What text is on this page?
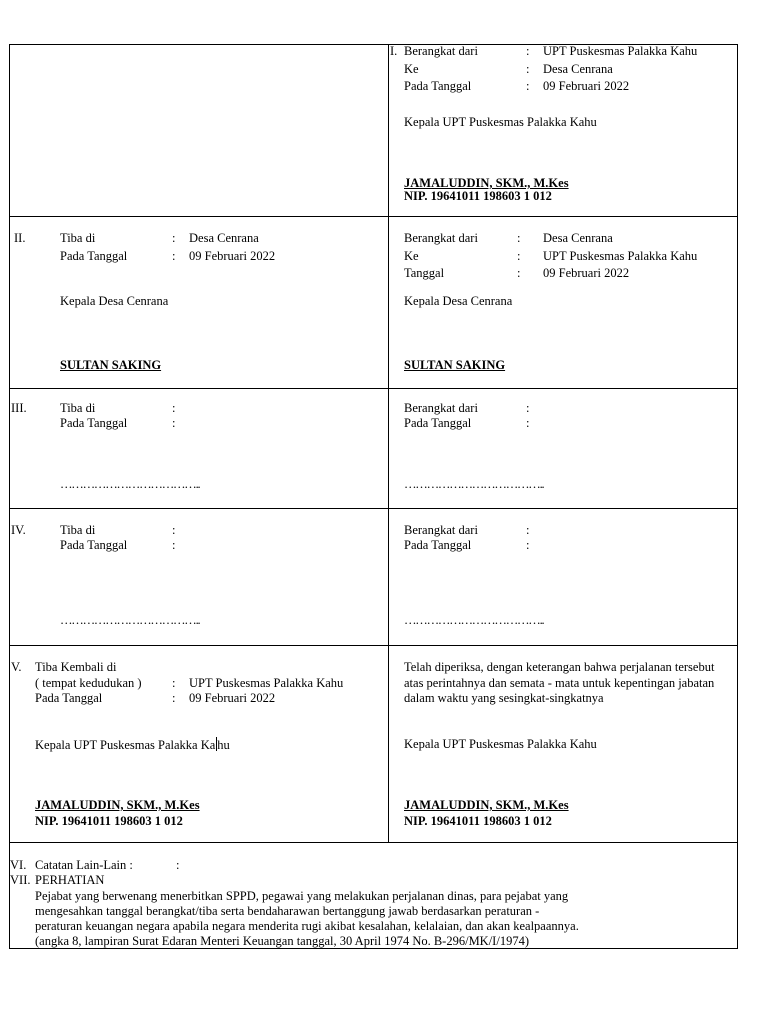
I. Berangkat dari	: UPT Puskesmas Palakka Kahu
Ke	: Desa Cenrana
Pada Tanggal	: 09 Februari 2022
Kepala UPT Puskesmas Palakka Kahu
JAMALUDDIN, SKM., M.Kes
NIP. 19641011 198603 1 012
II.	Tiba di	: Desa Cenrana
Pada Tanggal	: 09 Februari 2022
Kepala Desa Cenrana
SULTAN SAKING
Berangkat dari	: Desa Cenrana
Ke	: UPT Puskesmas Palakka Kahu
Tanggal	: 09 Februari 2022
Kepala Desa Cenrana
SULTAN SAKING
III.	Tiba di	:
Pada Tanggal	:
………………………………..
Berangkat dari	:
Pada Tanggal	:
………………………………..
IV.	Tiba di	:
Pada Tanggal	:
………………………………..
Berangkat dari	:
Pada Tanggal	:
………………………………..
V. Tiba Kembali di
( tempat kedudukan ) : UPT Puskesmas Palakka Kahu
Pada Tanggal	: 09 Februari 2022
Kepala UPT Puskesmas Palakka Ka hu
JAMALUDDIN, SKM., M.Kes
NIP. 19641011 198603 1 012
Telah diperiksa, dengan keterangan bahwa perjalanan tersebut atas perintahnya dan semata - mata untuk kepentingan jabatan dalam waktu yang sesingkat-singkatnya
Kepala UPT Puskesmas Palakka Kahu
JAMALUDDIN, SKM., M.Kes
NIP. 19641011 198603 1 012
VI. Catatan Lain-Lain :	:
VII. PERHATIAN
Pejabat yang berwenang menerbitkan SPPD, pegawai yang melakukan perjalanan dinas, para pejabat yang
mengesahkan tanggal berangkat/tiba serta bendaharawan bertanggung jawab berdasarkan peraturan -
peraturan keuangan negara apabila negara menderita rugi akibat kesalahan, kelalaian, dan akan kealpaannya.
(angka 8, lampiran Surat Edaran Menteri Keuangan tanggal, 30 April 1974 No. B-296/MK/I/1974)
